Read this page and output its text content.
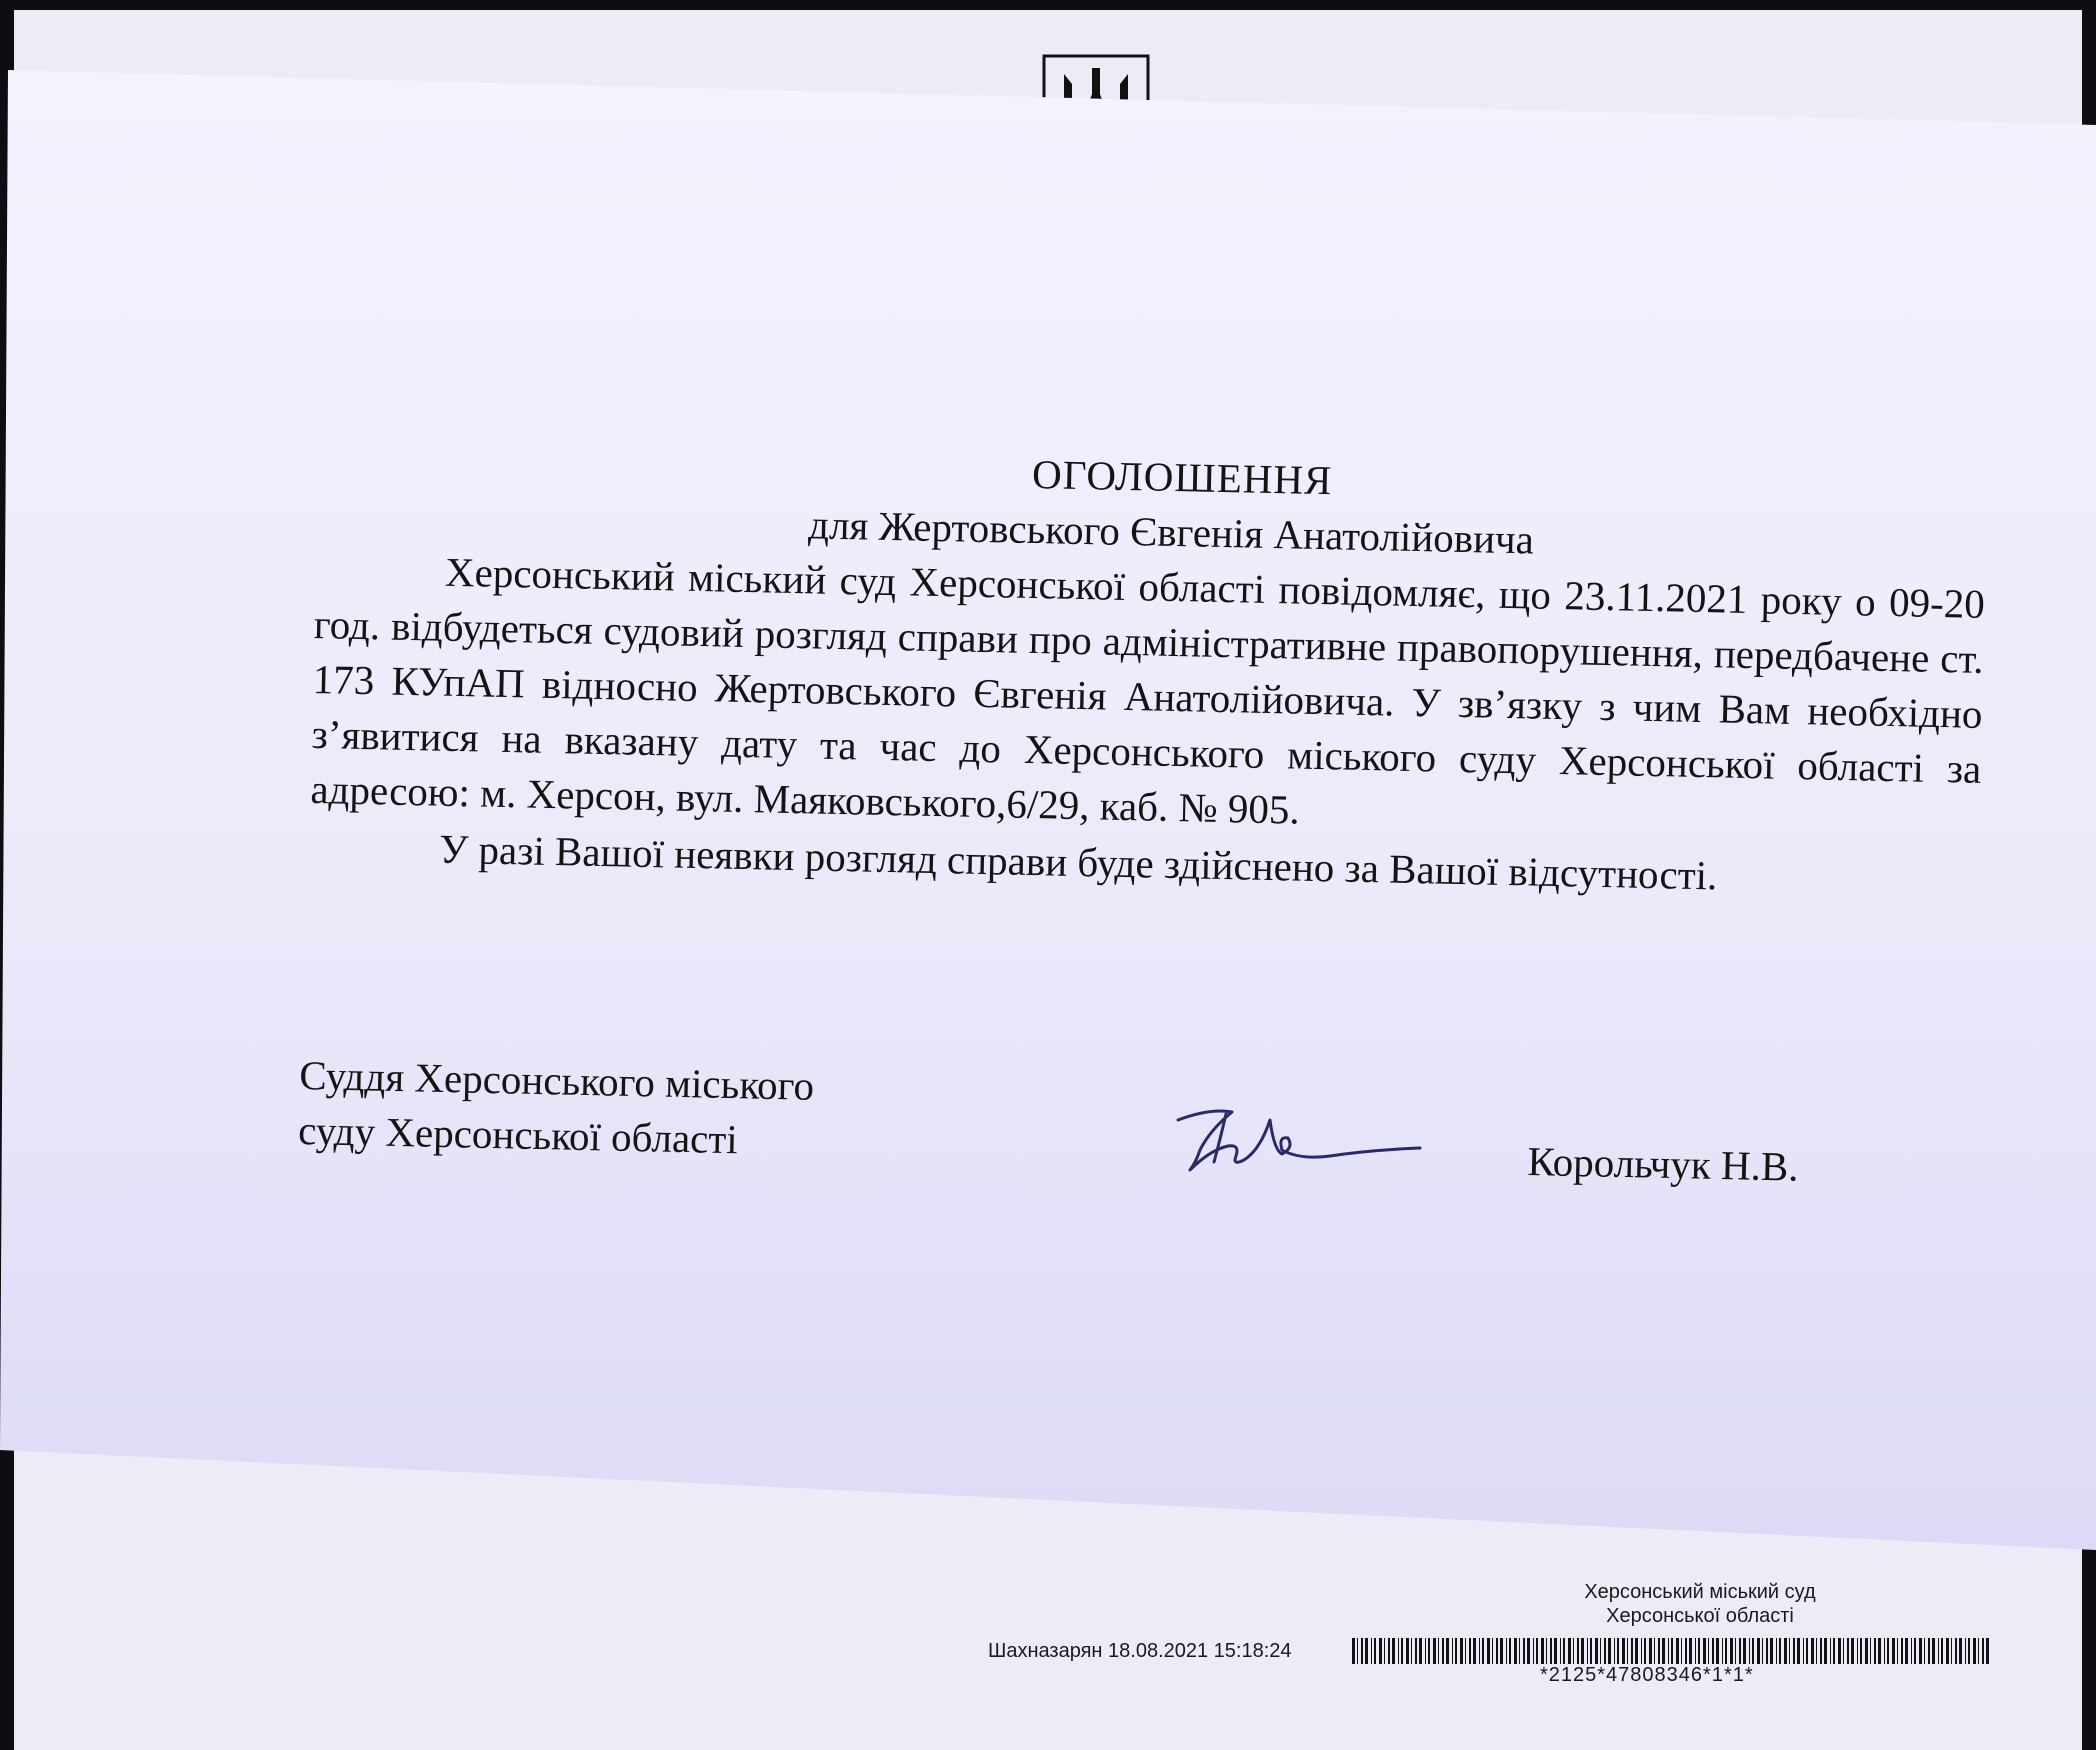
ОГОЛОШЕННЯ
для Жертовського Євгенія Анатолійовича
Херсонський міський суд Херсонської області повідомляє, що 23.11.2021 року о 09-20 год. відбудеться судовий розгляд справи про адміністративне правопорушення, передбачене ст. 173 КУпАП відносно Жертовського Євгенія Анатолійовича. У зв’язку з чим Вам необхідно з’явитися на вказану дату та час до Херсонського міського суду Херсонської області за адресою: м. Херсон, вул. Маяковського,6/29, каб. № 905.
У разі Вашої неявки розгляд справи буде здійснено за Вашої відсутності.
Суддя Херсонського міського
суду Херсонської області
Корольчук Н.В.
Херсонський міський суд
Херсонської області
Шахназарян 18.08.2021 15:18:24
*2125*47808346*1*1*
